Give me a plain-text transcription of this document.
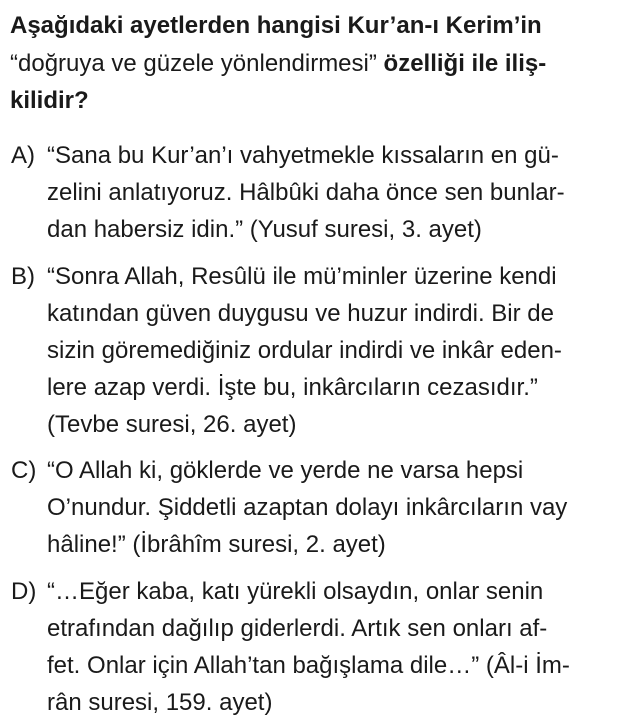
Aşağıdaki ayetlerden hangisi Kur’an-ı Kerim’in
“doğruya ve güzele yönlendirmesi” özelliği ile iliş-
kilidir?
A) “Sana bu Kur’an’ı vahyetmekle kıssaların en gü-
zelini anlatıyoruz. Hâlbûki daha önce sen bunlar-
dan habersiz idin.” (Yusuf suresi, 3. ayet)
B) “Sonra Allah, Resûlü ile mü’minler üzerine kendi
katından güven duygusu ve huzur indirdi. Bir de
sizin göremediğiniz ordular indirdi ve inkâr eden-
lere azap verdi. İşte bu, inkârcıların cezasıdır.”
(Tevbe suresi, 26. ayet)
C) “O Allah ki, göklerde ve yerde ne varsa hepsi
O’nundur. Şiddetli azaptan dolayı inkârcıların vay
hâline!” (İbrâhîm suresi, 2. ayet)
D) “…Eğer kaba, katı yürekli olsaydın, onlar senin
etrafından dağılıp giderlerdi. Artık sen onları af-
fet. Onlar için Allah’tan bağışlama dile…” (Âl-i İm-
rân suresi, 159. ayet)
